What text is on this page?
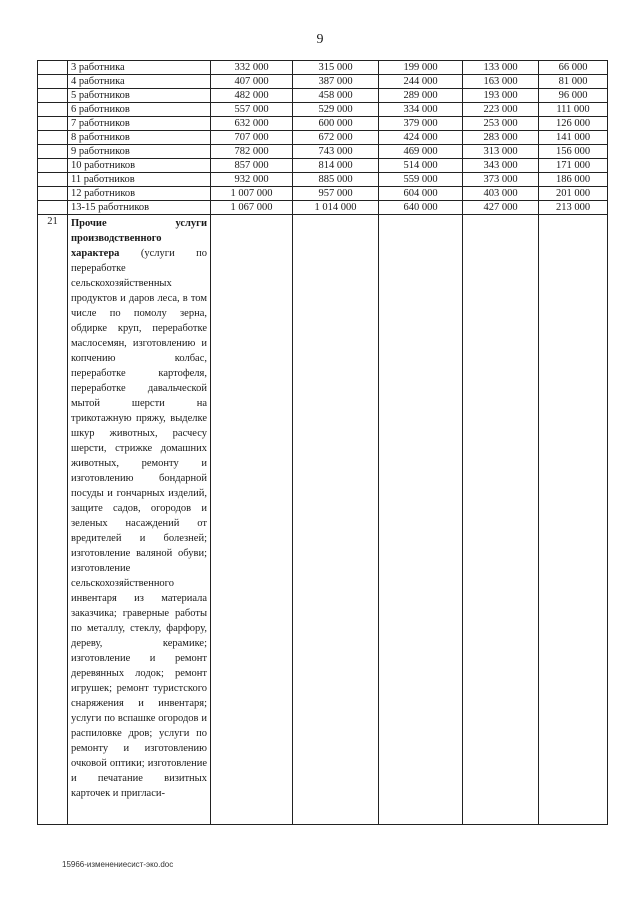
9
	3 работника	332 000	315 000	199 000	133 000	66 000
	4 работника	407 000	387 000	244 000	163 000	81 000
	5 работников	482 000	458 000	289 000	193 000	96 000
	6 работников	557 000	529 000	334 000	223 000	111 000
	7 работников	632 000	600 000	379 000	253 000	126 000
	8 работников	707 000	672 000	424 000	283 000	141 000
	9 работников	782 000	743 000	469 000	313 000	156 000
	10 работников	857 000	814 000	514 000	343 000	171 000
	11 работников	932 000	885 000	559 000	373 000	186 000
	12 работников	1 007 000	957 000	604 000	403 000	201 000
	13-15 работников	1 067 000	1 014 000	640 000	427 000	213 000
21	Прочие услуги производственного характера (услуги по переработке сельскохозяйственных продуктов и даров леса, в том числе по помолу зерна, обдирке круп, переработке маслосемян, изготовлению и копчению колбас, переработке картофеля, переработке давальческой мытой шерсти на трикотажную пряжу, выделке шкур животных, расчесу шерсти, стрижке домашних животных, ремонту и изготовлению бондарной посуды и гончарных изделий, защите садов, огородов и зеленых насаждений от вредителей и болезней; изготовление валяной обуви; изготовление сельскохозяйственного инвентаря из материала заказчика; граверные работы по металлу, стеклу, фарфору, дереву, керамике; изготовление и ремонт деревянных лодок; ремонт игрушек; ремонт туристского снаряжения и инвентаря; услуги по вспашке огородов и распиловке дров; услуги по ремонту и изготовлению очковой оптики; изготовление и печатание визитных карточек и пригласи-					
15966-изменениесист-эко.doc
